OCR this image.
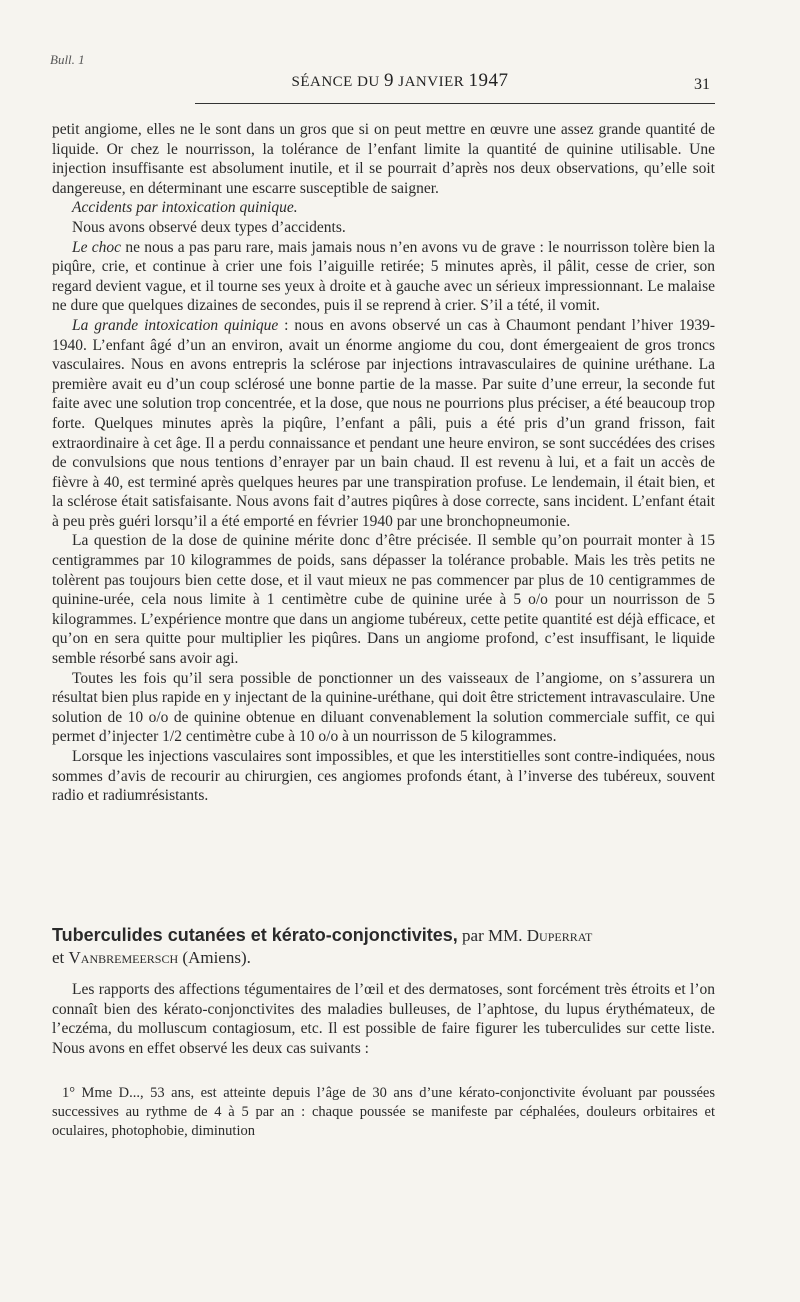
Bull. 1
SÉANCE DU 9 JANVIER 1947	31

petit angiome, elles ne le sont dans un gros que si on peut mettre en œuvre une assez grande quantité de liquide. Or chez le nourrisson, la tolérance de l’enfant limite la quantité de quinine utilisable. Une injection insuffisante est absolument inutile, et il se pourrait d’après nos deux observations, qu’elle soit dangereuse, en déterminant une escarre susceptible de saigner.

Accidents par intoxication quinique.

Nous avons observé deux types d’accidents.

Le choc ne nous a pas paru rare, mais jamais nous n’en avons vu de grave : le nourrisson tolère bien la piqûre, crie, et continue à crier une fois l’aiguille retirée; 5 minutes après, il pâlit, cesse de crier, son regard devient vague, et il tourne ses yeux à droite et à gauche avec un sérieux impressionnant. Le malaise ne dure que quelques dizaines de secondes, puis il se reprend à crier. S’il a tété, il vomit.

La grande intoxication quinique : nous en avons observé un cas à Chaumont pendant l’hiver 1939-1940. L’enfant âgé d’un an environ, avait un énorme angiome du cou, dont émergeaient de gros troncs vasculaires. Nous en avons entrepris la sclérose par injections intravasculaires de quinine uréthane. La première avait eu d’un coup sclérosé une bonne partie de la masse. Par suite d’une erreur, la seconde fut faite avec une solution trop concentrée, et la dose, que nous ne pourrions plus préciser, a été beaucoup trop forte. Quelques minutes après la piqûre, l’enfant a pâli, puis a été pris d’un grand frisson, fait extraordinaire à cet âge. Il a perdu connaissance et pendant une heure environ, se sont succédées des crises de convulsions que nous tentions d’enrayer par un bain chaud. Il est revenu à lui, et a fait un accès de fièvre à 40, est terminé après quelques heures par une transpiration profuse. Le lendemain, il était bien, et la sclérose était satisfaisante. Nous avons fait d’autres piqûres à dose correcte, sans incident. L’enfant était à peu près guéri lorsqu’il a été emporté en février 1940 par une bronchopneumonie.

La question de la dose de quinine mérite donc d’être précisée. Il semble qu’on pourrait monter à 15 centigrammes par 10 kilogrammes de poids, sans dépasser la tolérance probable. Mais les très petits ne tolèrent pas toujours bien cette dose, et il vaut mieux ne pas commencer par plus de 10 centigrammes de quinine-urée, cela nous limite à 1 centimètre cube de quinine urée à 5 o/o pour un nourrisson de 5 kilogrammes. L’expérience montre que dans un angiome tubéreux, cette petite quantité est déjà efficace, et qu’on en sera quitte pour multiplier les piqûres. Dans un angiome profond, c’est insuffisant, le liquide semble résorbé sans avoir agi.

Toutes les fois qu’il sera possible de ponctionner un des vaisseaux de l’angiome, on s’assurera un résultat bien plus rapide en y injectant de la quinine-uréthane, qui doit être strictement intravasculaire. Une solution de 10 o/o de quinine obtenue en diluant convenablement la solution commerciale suffit, ce qui permet d’injecter 1/2 centimètre cube à 10 o/o à un nourrisson de 5 kilogrammes.

Lorsque les injections vasculaires sont impossibles, et que les interstitielles sont contre-indiquées, nous sommes d’avis de recourir au chirurgien, ces angiomes profonds étant, à l’inverse des tubéreux, souvent radio et radiumrésistants.

Tuberculides cutanées et kérato-conjonctivites, par MM. Duperrat
et Vanbremeersch (Amiens).

Les rapports des affections tégumentaires de l’œil et des dermatoses, sont forcément très étroits et l’on connaît bien des kérato-conjonctivites des maladies bulleuses, de l’aphtose, du lupus érythémateux, de l’eczéma, du molluscum contagiosum, etc. Il est possible de faire figurer les tuberculides sur cette liste. Nous avons en effet observé les deux cas suivants :

1° Mme D..., 53 ans, est atteinte depuis l’âge de 30 ans d’une kérato-conjonctivite évoluant par poussées successives au rythme de 4 à 5 par an : chaque poussée se manifeste par céphalées, douleurs orbitaires et oculaires, photophobie, diminution
